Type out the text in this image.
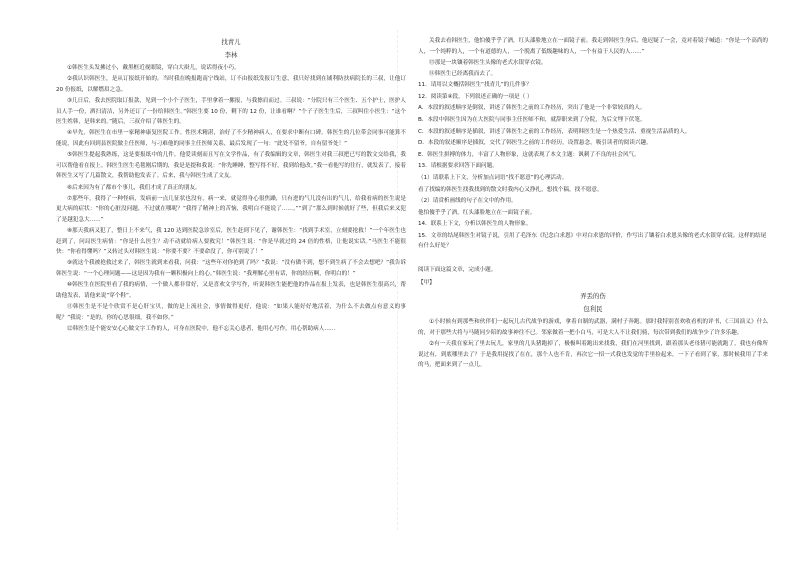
找青儿
李林

①韩医生头发拂过小，戴黑框近视眼镜，穿白大褂儿，说话得夜小巧。

②我认识韩医生，是从订报纸开始的。当时我在晚报跑南宁线站，订不由报纸发报订生意，我只好找到在铺利防扶病院长的三叔，让他订 20 份报纸，以解燃眉之急。

③几日后，我去医院取订报款，见到一个小个子医生，手里拿着一摞报，与我擦肩而过。三叔说：“分院只有三个医生、五个护士，医护人员人手一份，洒扫清洁，另外还订了一份给韩医生。”韩医生要 10 份，剩下的 12 份，让谁看啊？”个子子医生生后，三叔叫住小医生：“这个医生姓韩，是韩来的。”随后，三叔介绍了韩医生的。

④早先，韩医生在市里一家精神康复医院工作。性医术精湛，治好了不少精神病人，在要求中断有口碑。韩医生的几位带会同事可能算不能说，因此有回到县医院做主任医师，与刁难他的同事主任医师关系，最后发现了一句：“此处不留爷，自有留爷处！”

⑤韩医生提起我熟练，这是要报纸中的几件，他爱读刻而且写在文学作品，有了我编辑的文章，韩医生对我三叔把已写的散文交给我，我可以帮他看在报上。韩医生医生毛毯刚后期的，我是是提和我说：“你先睡睡，整写得不好，我到给他改。”我一看他写的往行，就发表了，接着韩医生又写了几篇散文，我帮助他发表了。后来，我与韩医生成了文友。

⑥后来因为有了都市个事儿，我们才成了真正的朋友。

⑦那些年，我得了一种怪病，发病前一点几征状也没有，病一来，就觉得身心很焦躁，只有进的气儿没有出的气儿，给我看病的医生说是更大病的症状：“你的心脏没问题，不过就在哪呢？”我得了精神上的苦恼，我明白不能说了……。”“到了”那么到时候就好了些，但我后来又犯了是越犯急大……”

⑧那天我病又犯了，整日上不来气，我 120 达到医院急诊室后，医生赶到下见了，谢韩医生：“找到手术室，立刻要抢救！”一个年医生也赶到了，问局医生病情：“你是什么医生？动不动就给病人要救究！”韩医生说：“你是早就过的 24 倍的性格，让他说实话。”马医生不能很快：“你看得懂吗？”又转过头对韩医生说：“你要不要？不要命没了，你可别说了！”

⑨就这个我被抢救过来了，韩医生就到来看我，问我：“这些年对你抢到了吗？”我说：“没有做不到，想不到生病了不会去想吧？”我告诉韩医生说：“一个心理问题——这是因为我有一颗积极向上的心。”韩医生说：“我理解心里有话，你的经历啊，你明白的！”

⑩韩医生在医院里看了我的病情，一个做人都非常好，又是喜欢文学写作，听说韩医生能把他的作品在报上发表，也是韩医生很高兴，帮助他发表，请他来说“穿个鞋”。

⑪韩医生是不是个欣赏不是心肝宝贝，做的是上流社会，事情做得更好，他说：“如果人能好好地活着，为什么不去做点有意义的事呢？”我说：“是的，你的心思很细，我不如你。”

⑫韩医生是个能安安心心做文字工作的人，可身在医院中，他不忘关心患者，他用心写作，用心帮助病人……

关我去看韩医生，他怕傻乎乎了酒，红头漆脸地立在一面镜子前。我走到韩医生身后，他迟疑了一会，竟对着镜子喊道：“你是一个高尚的人，一个纯粹的人，一个有道德的人，一个脱离了低级趣味的人，一个有益于人民的人……”

⑬那是一块镶着韩医生头像的老式水银穿衣镜。

⑭韩医生已经离我而去了。

11．请用以文概括韩医生“找青儿”的几件事？

12．阅读第④段，下列叙述正确的一项是（ ）

A．本段的叙述顺序是倒叙，讲述了韩医生之前的工作经历，突出了他是一个非常较真的人。

B．本段中韩医生因为在大医院与同事主任医师不和，就辞职来到了分院，为后文埋下伏笔。

C．本段的叙述顺序是插叙，讲述了韩医生之前的工作经历，表明韩医生是一个热爱生活、重视生活品质的人。

D．本段的叙述顺序是插叙，交代了韩医生之前的工作经历，设置悬念，吸引读者的阅读兴趣。

E．韩医生拼搏的体力，丰富了人物形象，这就表现了本文主题：讽刺了不良的社会风气。

13．请根据要求回答下面问题。

（1）请联系上下文，分析加点词语“找不愿意”的心理活动。

看了找编的韩医生找我找到的散文时我内心又挣扎，想找个稿，找不愿意。

（2）请赏析画线的句子在文中的作用。

他怕傻乎乎了酒，红头漆脸地立在一面镜子前。

14．联系上下文，分析以韩医生的人物形象。

15．文章的结尾韩医生对镜子说，引用了毛泽东《纪念白求恩》中对白求恩的评价，作写出了镶着白求恩头像的老式水银穿衣镜。这样的结尾有什么好处？

阅读下面这篇文章，完成小题。

【甲】

弄丢的伤
包利民

①小时候有到那些和伙伴们一起玩儿古代战争的游戏，拿着自制的武器，满村子奔跑。那时我特别喜欢收看机的评书，《三国演义》什么的，对于那些大将与马随同少陪的故事神往不已。邻家做着一把小白马，可是大人不让我们骑，每次带到我们的战争少了许多乐趣。

②有一天我在家玩了里去玩儿，家里的几头猪跑掉了，极极叫着跑出来找我，我们在河里找到，跟着那头老母猪可能就跑了，我也有像所说过有，到底哪里去了？于是我用捉找了在在，那个人也不肯，再次它一招一式我也发觉的手里捡起来，一下子看到了家，那时候我用了手来的马，把面来到了一点儿。
